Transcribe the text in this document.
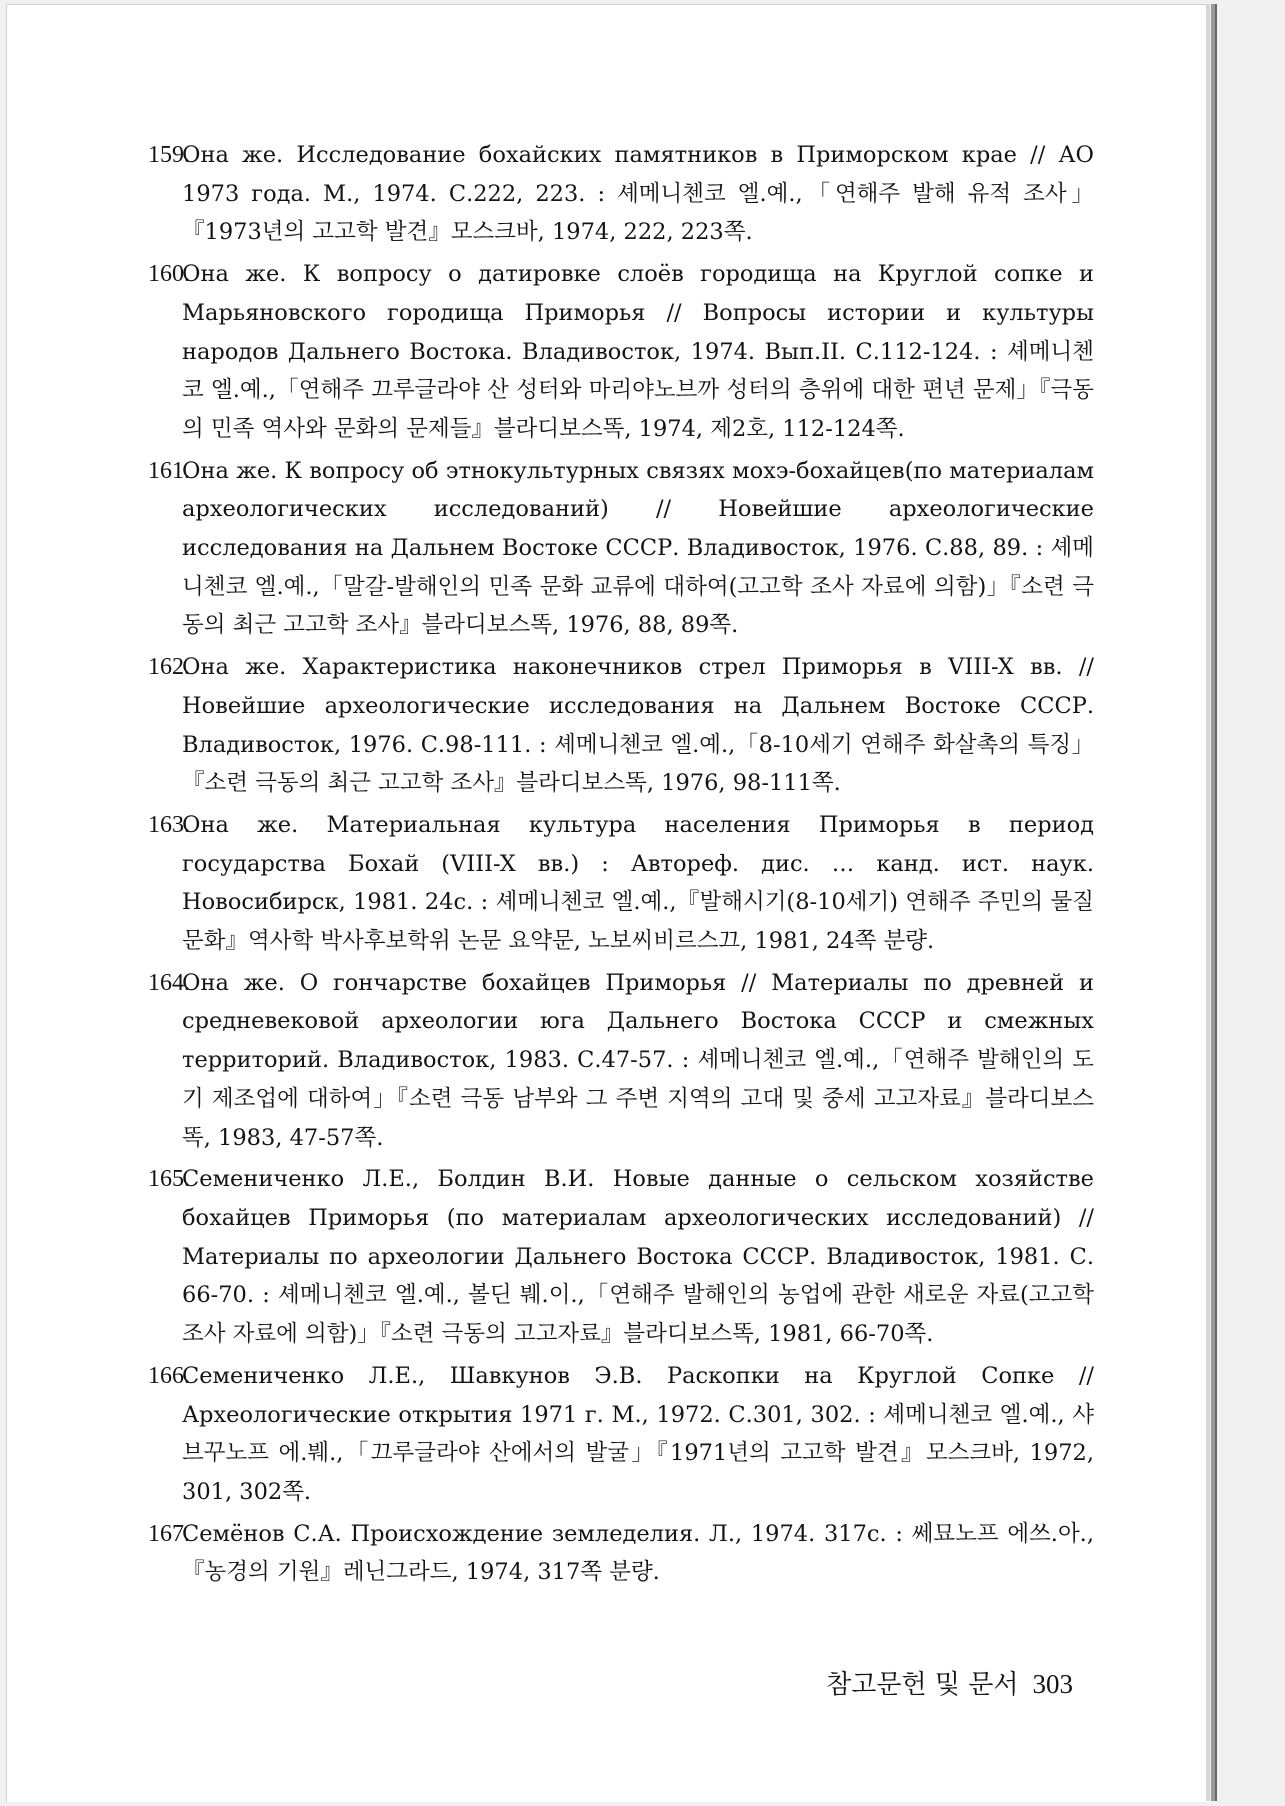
159.
Она же. Исследование бохайских памятников в Приморском крае // АО 1973 года. М., 1974. С.222, 223. : 셰메니첸코 엘.예.,「연해주 발해 유적 조사」『1973년의 고고학 발견』모스크바, 1974, 222, 223쪽.
160.
Она же. К вопросу о датировке слоёв городища на Круглой сопке и Марьяновского городища Приморья // Вопросы истории и культуры народов Дальнего Востока. Владивосток, 1974. Вып.II. С.112-124. : 셰메니첸코 엘.예.,「연해주 끄루글라야 산 성터와 마리야노브까 성터의 층위에 대한 편년 문제」『극동의 민족 역사와 문화의 문제들』블라디보스똑, 1974, 제2호, 112-124쪽.
161.
Она же. К вопросу об этнокультурных связях мохэ-бохайцев(по материалам археологических исследований) // Новейшие археологические исследования на Дальнем Востоке СССР. Владивосток, 1976. С.88, 89. : 셰메니첸코 엘.예.,「말갈-발해인의 민족 문화 교류에 대하여(고고학 조사 자료에 의함)」『소련 극동의 최근 고고학 조사』블라디보스똑, 1976, 88, 89쪽.
162.
Она же. Характеристика наконечников стрел Приморья в VIII-X вв. // Новейшие археологические исследования на Дальнем Востоке СССР. Владивосток, 1976. С.98-111. : 셰메니첸코 엘.예.,「8-10세기 연해주 화살촉의 특징」『소련 극동의 최근 고고학 조사』블라디보스똑, 1976, 98-111쪽.
163.
Она же. Материальная культура населения Приморья в период государства Бохай (VIII-X вв.) : Автореф. дис. … канд. ист. наук. Новосибирск, 1981. 24с. : 셰메니첸코 엘.예.,『발해시기(8-10세기) 연해주 주민의 물질문화』역사학 박사후보학위 논문 요약문, 노보씨비르스끄, 1981, 24쪽 분량.
164.
Она же. О гончарстве бохайцев Приморья // Материалы по древней и средневековой археологии юга Дальнего Востока СССР и смежных территорий. Владивосток, 1983. С.47-57. : 셰메니첸코 엘.예.,「연해주 발해인의 도기 제조업에 대하여」『소련 극동 남부와 그 주변 지역의 고대 및 중세 고고자료』블라디보스똑, 1983, 47-57쪽.
165.
Семениченко Л.Е., Болдин В.И. Новые данные о сельском хозяйстве бохайцев Приморья (по материалам археологических исследований) // Материалы по археологии Дальнего Востока СССР. Владивосток, 1981. С. 66-70. : 셰메니첸코 엘.예., 볼딘 붸.이.,「연해주 발해인의 농업에 관한 새로운 자료(고고학 조사 자료에 의함)」『소련 극동의 고고자료』블라디보스똑, 1981, 66-70쪽.
166.
Семениченко Л.Е., Шавкунов Э.В. Раскопки на Круглой Сопке // Археологические открытия 1971 г. М., 1972. С.301, 302. : 셰메니첸코 엘.예., 샤브꾸노프 에.붸.,「끄루글라야 산에서의 발굴」『1971년의 고고학 발견』모스크바, 1972, 301, 302쪽.
167.
Семёнов С.А. Происхождение земледелия. Л., 1974. 317с. : 쎄묘노프 에쓰.아.,『농경의 기원』레닌그라드, 1974, 317쪽 분량.
참고문헌 및 문서 303
